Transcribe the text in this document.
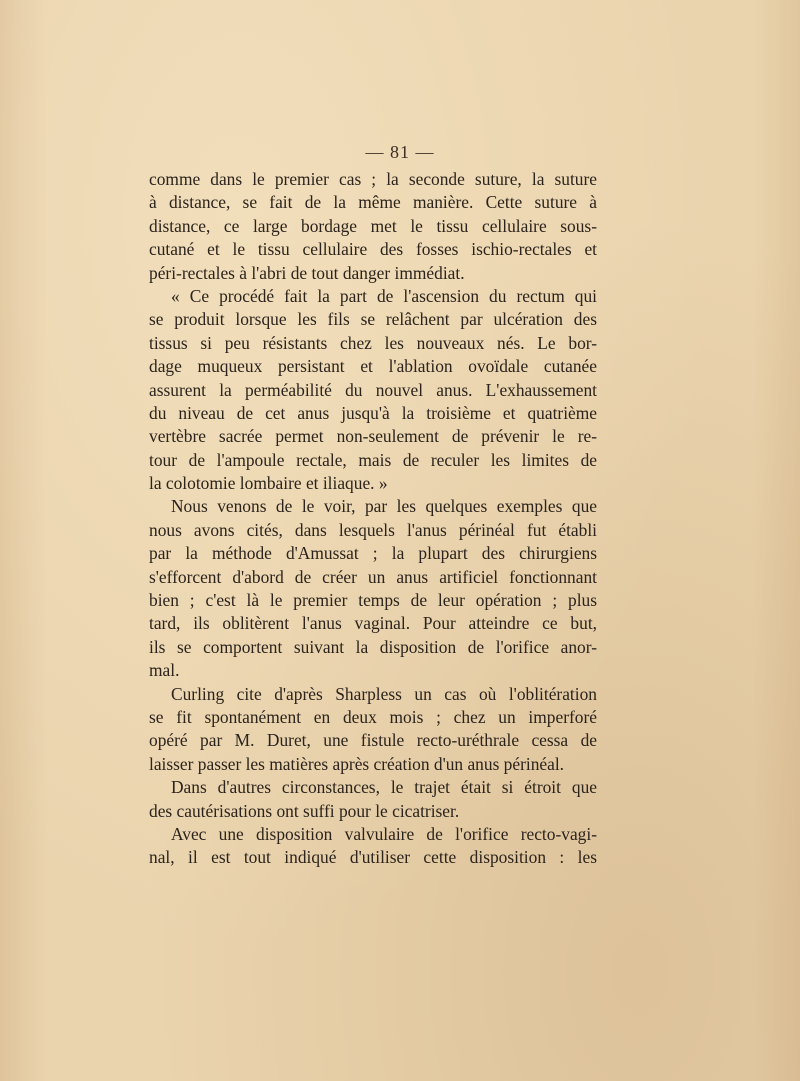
— 81 —
comme dans le premier cas ; la seconde suture, la suture
à distance, se fait de la même manière. Cette suture à
distance, ce large bordage met le tissu cellulaire sous-
cutané et le tissu cellulaire des fosses ischio-rectales et
péri-rectales à l'abri de tout danger immédiat.
« Ce procédé fait la part de l'ascension du rectum qui
se produit lorsque les fils se relâchent par ulcération des
tissus si peu résistants chez les nouveaux nés. Le bor-
dage muqueux persistant et l'ablation ovoïdale cutanée
assurent la perméabilité du nouvel anus. L'exhaussement
du niveau de cet anus jusqu'à la troisième et quatrième
vertèbre sacrée permet non-seulement de prévenir le re-
tour de l'ampoule rectale, mais de reculer les limites de
la colotomie lombaire et iliaque. »
Nous venons de le voir, par les quelques exemples que
nous avons cités, dans lesquels l'anus périnéal fut établi
par la méthode d'Amussat ; la plupart des chirurgiens
s'efforcent d'abord de créer un anus artificiel fonctionnant
bien ; c'est là le premier temps de leur opération ; plus
tard, ils oblitèrent l'anus vaginal. Pour atteindre ce but,
ils se comportent suivant la disposition de l'orifice anor-
mal.
Curling cite d'après Sharpless un cas où l'oblitération
se fit spontanément en deux mois ; chez un imperforé
opéré par M. Duret, une fistule recto-uréthrale cessa de
laisser passer les matières après création d'un anus périnéal.
Dans d'autres circonstances, le trajet était si étroit que
des cautérisations ont suffi pour le cicatriser.
Avec une disposition valvulaire de l'orifice recto-vagi-
nal, il est tout indiqué d'utiliser cette disposition : les
